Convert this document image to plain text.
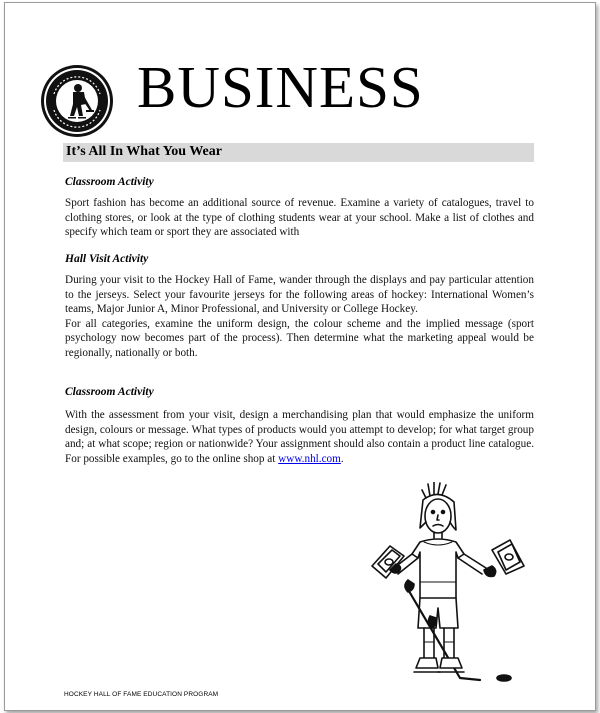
BUSINESS
It’s All In What You Wear
Classroom Activity

Sport fashion has become an additional source of revenue. Examine a variety of catalogues, travel to clothing stores, or look at the type of clothing students wear at your school. Make a list of clothes and specify which team or sport they are associated with

Hall Visit Activity

During your visit to the Hockey Hall of Fame, wander through the displays and pay particular attention to the jerseys. Select your favourite jerseys for the following areas of hockey: International Women’s teams, Major Junior A, Minor Professional, and University or College Hockey.

For all categories, examine the uniform design, the colour scheme and the implied message (sport psychology now becomes part of the process). Then determine what the marketing appeal would be regionally, nationally or both.

Classroom Activity

With the assessment from your visit, design a merchandising plan that would emphasize the uniform design, colours or message. What types of products would you attempt to develop; for what target group and; at what scope; region or nationwide? Your assignment should also contain a product line catalogue. For possible examples, go to the online shop at www.nhl.com.

HOCKEY HALL OF FAME EDUCATION PROGRAM
